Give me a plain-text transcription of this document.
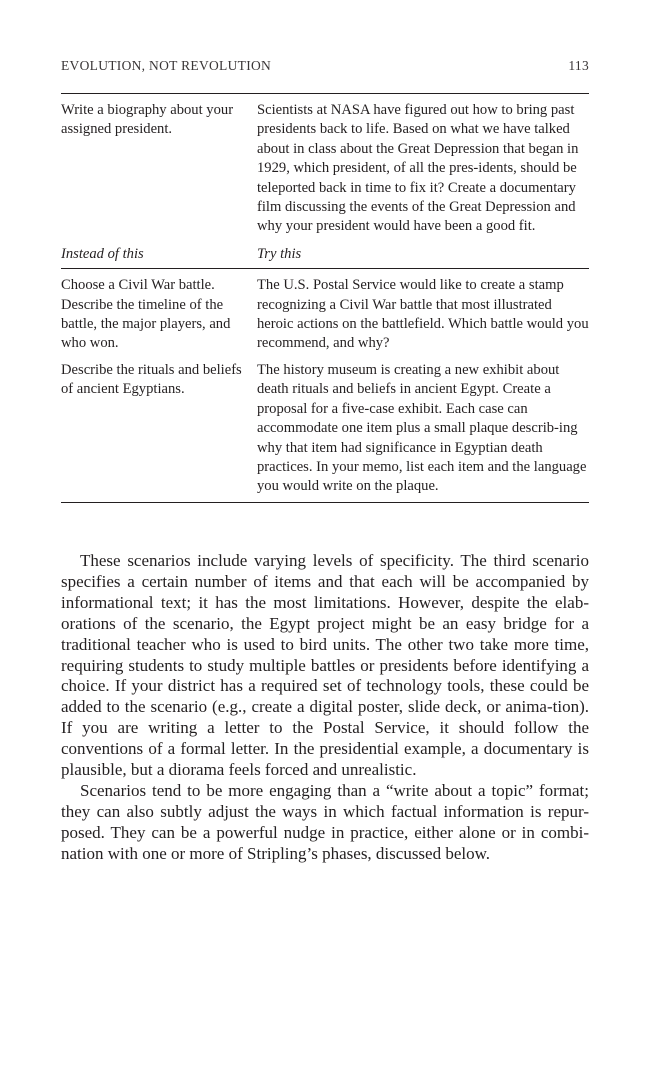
EVOLUTION, NOT REVOLUTION	113
Write a biography about your assigned president.
Scientists at NASA have figured out how to bring past presidents back to life. Based on what we have talked about in class about the Great Depression that began in 1929, which president, of all the pres-idents, should be teleported back in time to fix it? Create a documentary film discussing the events of the Great Depression and why your president would have been a good fit.
Instead of this	Try this
Choose a Civil War battle. Describe the timeline of the battle, the major players, and who won.
The U.S. Postal Service would like to create a stamp recognizing a Civil War battle that most illustrated heroic actions on the battlefield. Which battle would you recommend, and why?
Describe the rituals and beliefs of ancient Egyptians.
The history museum is creating a new exhibit about death rituals and beliefs in ancient Egypt. Create a proposal for a five-case exhibit. Each case can accommodate one item plus a small plaque describ-ing why that item had significance in Egyptian death practices. In your memo, list each item and the language you would write on the plaque.

These scenarios include varying levels of specificity. The third scenario specifies a certain number of items and that each will be accompanied by informational text; it has the most limitations. However, despite the elab-orations of the scenario, the Egypt project might be an easy bridge for a traditional teacher who is used to bird units. The other two take more time, requiring students to study multiple battles or presidents before identifying a choice. If your district has a required set of technology tools, these could be added to the scenario (e.g., create a digital poster, slide deck, or anima-tion). If you are writing a letter to the Postal Service, it should follow the conventions of a formal letter. In the presidential example, a documentary is plausible, but a diorama feels forced and unrealistic.

Scenarios tend to be more engaging than a “write about a topic” format; they can also subtly adjust the ways in which factual information is repur-posed. They can be a powerful nudge in practice, either alone or in combi-nation with one or more of Stripling’s phases, discussed below.
